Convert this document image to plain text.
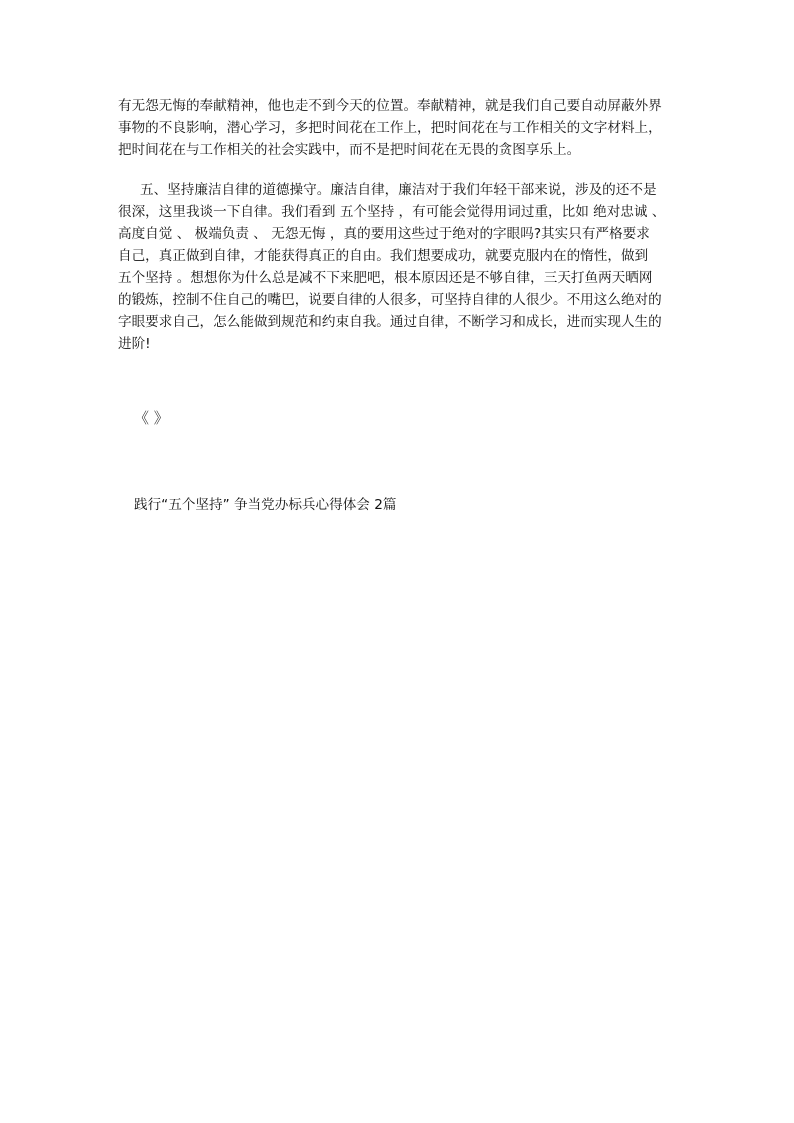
有无怨无悔的奉献精神，他也走不到今天的位置。奉献精神，就是我们自己要自动屏蔽外界
事物的不良影响，潜心学习，多把时间花在工作上，把时间花在与工作相关的文字材料上，
把时间花在与工作相关的社会实践中，而不是把时间花在无畏的贪图享乐上。
五、坚持廉洁自律的道德操守。廉洁自律，廉洁对于我们年轻干部来说，涉及的还不是
很深，这里我谈一下自律。我们看到 五个坚持 ，有可能会觉得用词过重，比如 绝对忠诚 、
高度自觉 、 极端负责 、 无怨无悔 ，真的要用这些过于绝对的字眼吗?其实只有严格要求
自己，真正做到自律，才能获得真正的自由。我们想要成功，就要克服内在的惰性，做到
五个坚持 。想想你为什么总是减不下来肥吧，根本原因还是不够自律，三天打鱼两天晒网
的锻炼，控制不住自己的嘴巴，说要自律的人很多，可坚持自律的人很少。不用这么绝对的
字眼要求自己，怎么能做到规范和约束自我。通过自律，不断学习和成长，进而实现人生的
进阶!
《 》
践行“五个坚持” 争当党办标兵心得体会 2篇
